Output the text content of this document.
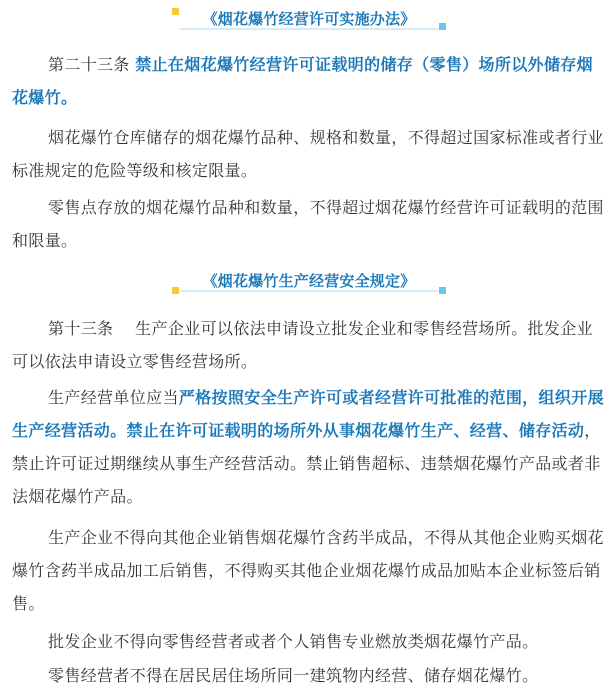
《烟花爆竹经营许可实施办法》

第二十三条 禁止在烟花爆竹经营许可证载明的储存（零售）场所以外储存烟花爆竹。

烟花爆竹仓库储存的烟花爆竹品种、规格和数量，不得超过国家标准或者行业标准规定的危险等级和核定限量。

零售点存放的烟花爆竹品种和数量，不得超过烟花爆竹经营许可证载明的范围和限量。

《烟花爆竹生产经营安全规定》

第十三条　 生产企业可以依法申请设立批发企业和零售经营场所。批发企业可以依法申请设立零售经营场所。

生产经营单位应当严格按照安全生产许可或者经营许可批准的范围，组织开展生产经营活动。禁止在许可证载明的场所外从事烟花爆竹生产、经营、储存活动，禁止许可证过期继续从事生产经营活动。禁止销售超标、违禁烟花爆竹产品或者非法烟花爆竹产品。

生产企业不得向其他企业销售烟花爆竹含药半成品，不得从其他企业购买烟花爆竹含药半成品加工后销售，不得购买其他企业烟花爆竹成品加贴本企业标签后销售。

批发企业不得向零售经营者或者个人销售专业燃放类烟花爆竹产品。

零售经营者不得在居民居住场所同一建筑物内经营、储存烟花爆竹。
